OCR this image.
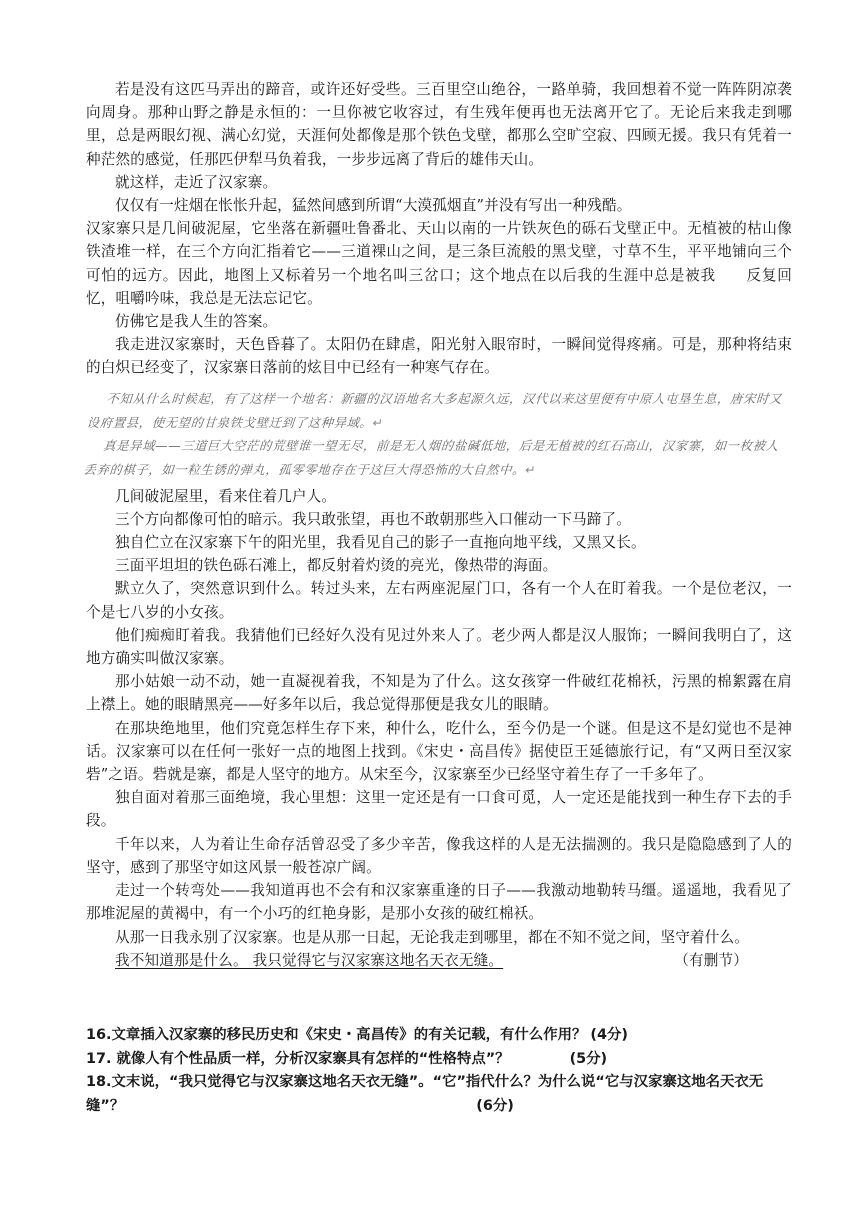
若是没有这匹马弄出的蹄音，或许还好受些。三百里空山绝谷，一路单骑，我回想着不觉一阵阵阴凉袭向周身。那种山野之静是永恒的：一旦你被它收容过，有生残年便再也无法离开它了。无论后来我走到哪里，总是两眼幻视、满心幻觉，天涯何处都像是那个铁色戈壁，都那么空旷空寂、四顾无援。我只有凭着一种茫然的感觉，任那匹伊犁马负着我，一步步远离了背后的雄伟天山。

就这样，走近了汉家寨。

仅仅有一炷烟在怅怅升起，猛然间感到所谓“大漠孤烟直”并没有写出一种残酷。

汉家寨只是几间破泥屋，它坐落在新疆吐鲁番北、天山以南的一片铁灰色的砾石戈壁正中。无植被的枯山像铁渣堆一样，在三个方向汇指着它——三道裸山之间，是三条巨流般的黑戈壁，寸草不生，平平地铺向三个可怕的远方。因此，地图上又标着另一个地名叫三岔口；这个地点在以后我的生涯中总是被我　　反复回忆，咀嚼吟味，我总是无法忘记它。

仿佛它是我人生的答案。

我走进汉家寨时，天色昏暮了。太阳仍在肆虐，阳光射入眼帘时，一瞬间觉得疼痛。可是，那种将结束的白炽已经变了，汉家寨日落前的炫目中已经有一种寒气存在。

不知从什么时候起，有了这样一个地名：新疆的汉语地名大多起源久远，汉代以来这里便有中原人屯垦生息，唐宋时又设府置县，使无望的甘泉铁戈壁迁到了这种异域。↵
真是异域——三道巨大空茫的荒壁谁一望无尽，前是无人烟的盐碱低地，后是无植被的红石高山，汉家寨，如一枚被人丢弃的棋子，如一粒生锈的弹丸，孤零零地存在于这巨大得恐怖的大自然中。↵

几间破泥屋里，看来住着几户人。

三个方向都像可怕的暗示。我只敢张望，再也不敢朝那些入口催动一下马蹄了。

独自伫立在汉家寨下午的阳光里，我看见自己的影子一直拖向地平线，又黑又长。

三面平坦坦的铁色砾石滩上，都反射着灼烫的亮光，像热带的海面。

默立久了，突然意识到什么。转过头来，左右两座泥屋门口，各有一个人在盯着我。一个是位老汉，一个是七八岁的小女孩。

他们痴痴盯着我。我猜他们已经好久没有见过外来人了。老少两人都是汉人服饰；一瞬间我明白了，这地方确实叫做汉家寨。

那小姑娘一动不动，她一直凝视着我，不知是为了什么。这女孩穿一件破红花棉袄，污黑的棉絮露在肩上襟上。她的眼睛黑亮——好多年以后，我总觉得那便是我女儿的眼睛。

在那块绝地里，他们究竟怎样生存下来，种什么，吃什么，至今仍是一个谜。但是这不是幻觉也不是神话。汉家寨可以在任何一张好一点的地图上找到。《宋史・高昌传》据使臣王延德旅行记，有“又两日至汉家砦”之语。砦就是寨，都是人坚守的地方。从宋至今，汉家寨至少已经坚守着生存了一千多年了。

独自面对着那三面绝境，我心里想：这里一定还是有一口食可觅，人一定还是能找到一种生存下去的手段。

千年以来，人为着让生命存活曾忍受了多少辛苦，像我这样的人是无法揣测的。我只是隐隐感到了人的坚守，感到了那坚守如这风景一般苍凉广阔。

走过一个转弯处——我知道再也不会有和汉家寨重逢的日子——我激动地勒转马缰。遥遥地，我看见了那堆泥屋的黄褐中，有一个小巧的红艳身影，是那小女孩的破红棉袄。

从那一日我永别了汉家寨。也是从那一日起，无论我走到哪里，都在不知不觉之间，坚守着什么。

我不知道那是什么。 我只觉得它与汉家寨这地名天衣无缝。	（有删节）

16.文章插入汉家寨的移民历史和《宋史・高昌传》的有关记载，有什么作用？ (4分)

17. 就像人有个性品质一样，分析汉家寨具有怎样的“性格特点”？	(5分)

18.文末说，“我只觉得它与汉家寨这地名天衣无缝”。“它”指代什么？为什么说“它与汉家寨这地名天衣无

缝”？	(6分)
